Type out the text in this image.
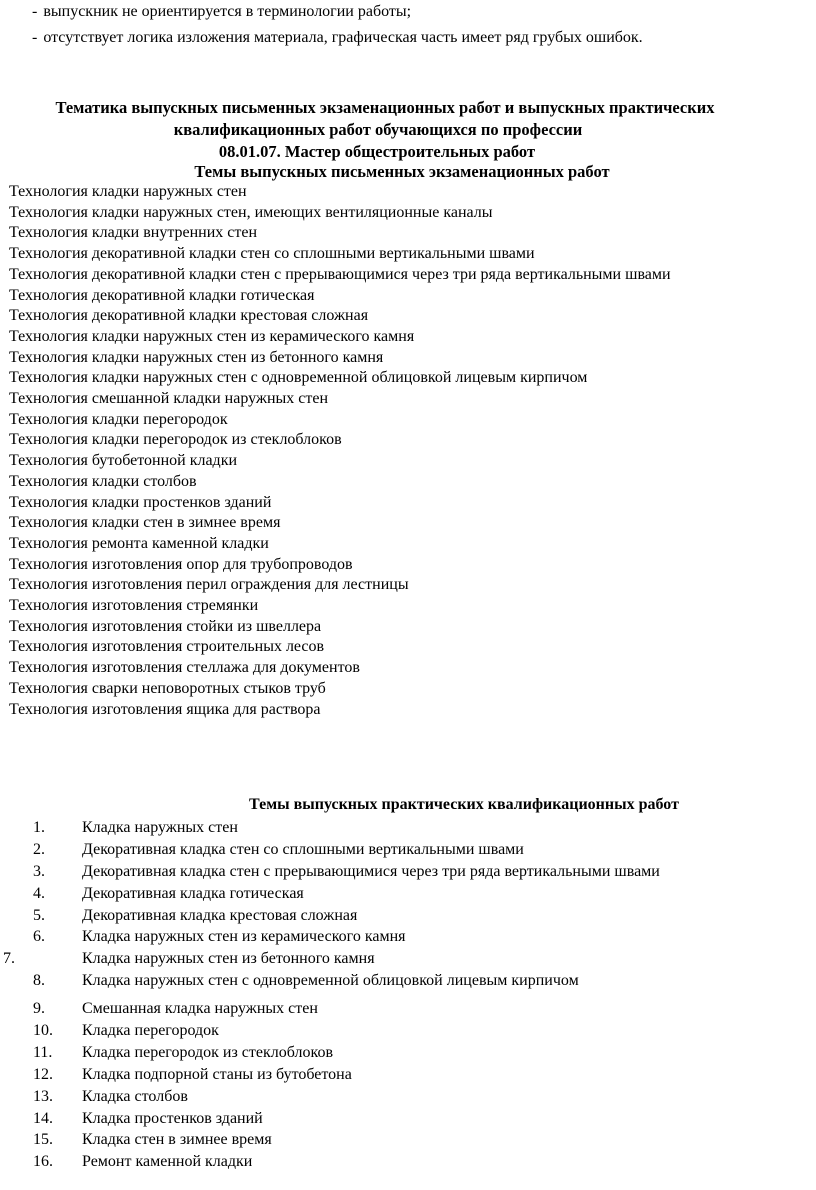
- выпускник не ориентируется в терминологии работы;
- отсутствует логика изложения материала, графическая часть имеет ряд грубых ошибок.
Тематика выпускных письменных экзаменационных работ и выпускных практических
квалификационных работ обучающихся по профессии
08.01.07. Мастер общестроительных работ
Темы выпускных письменных экзаменационных работ
Технология кладки наружных стен
Технология кладки наружных стен, имеющих вентиляционные каналы
Технология кладки внутренних стен
Технология декоративной кладки стен со сплошными вертикальными швами
Технология декоративной кладки стен с прерывающимися через три ряда вертикальными швами
Технология декоративной кладки готическая
Технология декоративной кладки крестовая сложная
Технология кладки наружных стен из керамического камня
Технология кладки наружных стен из бетонного камня
Технология кладки наружных стен с одновременной облицовкой лицевым кирпичом
Технология смешанной кладки наружных стен
Технология кладки перегородок
Технология кладки перегородок из стеклоблоков
Технология бутобетонной кладки
Технология кладки столбов
Технология кладки простенков зданий
Технология кладки стен в зимнее время
Технология ремонта каменной кладки
Технология изготовления опор для трубопроводов
Технология изготовления перил ограждения для лестницы
Технология изготовления стремянки
Технология изготовления стойки из швеллера
Технология изготовления строительных лесов
Технология изготовления стеллажа для документов
Технология сварки неповоротных стыков труб
Технология изготовления ящика для раствора
Темы выпускных практических квалификационных работ
1.	Кладка наружных стен
2.	Декоративная кладка стен со сплошными вертикальными швами
3.	Декоративная кладка стен с прерывающимися через три ряда вертикальными швами
4.	Декоративная кладка готическая
5.	Декоративная кладка крестовая сложная
6.	Кладка наружных стен из керамического камня
7.	Кладка наружных стен из бетонного камня
8.	Кладка наружных стен с одновременной облицовкой лицевым кирпичом
9.	Смешанная кладка наружных стен
10.	Кладка перегородок
11.	Кладка перегородок из стеклоблоков
12.	Кладка подпорной станы из бутобетона
13.	Кладка столбов
14.	Кладка простенков зданий
15.	Кладка стен в зимнее время
16.	Ремонт каменной кладки
